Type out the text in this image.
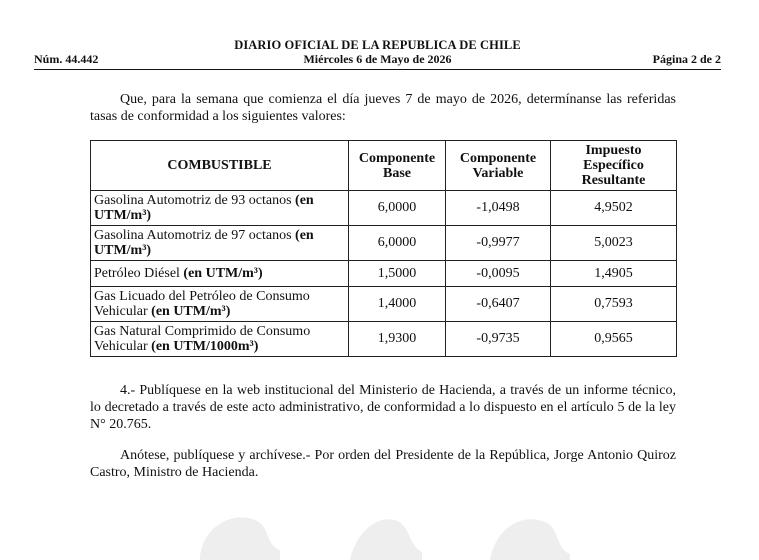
DIARIO OFICIAL DE LA REPUBLICA DE CHILE
Núm. 44.442	Miércoles 6 de Mayo de 2026	Página 2 de 2

Que, para la semana que comienza el día jueves 7 de mayo de 2026, determínanse las referidas tasas de conformidad a los siguientes valores:

COMBUSTIBLE	Componente Base	Componente Variable	Impuesto Específico Resultante
Gasolina Automotriz de 93 octanos (en UTM/m³)	6,0000	-1,0498	4,9502
Gasolina Automotriz de 97 octanos (en UTM/m³)	6,0000	-0,9977	5,0023
Petróleo Diésel (en UTM/m³)	1,5000	-0,0095	1,4905
Gas Licuado del Petróleo de Consumo Vehicular (en UTM/m³)	1,4000	-0,6407	0,7593
Gas Natural Comprimido de Consumo Vehicular (en UTM/1000m³)	1,9300	-0,9735	0,9565

4.- Publíquese en la web institucional del Ministerio de Hacienda, a través de un informe técnico, lo decretado a través de este acto administrativo, de conformidad a lo dispuesto en el artículo 5 de la ley N° 20.765.

Anótese, publíquese y archívese.- Por orden del Presidente de la República, Jorge Antonio Quiroz Castro, Ministro de Hacienda.
